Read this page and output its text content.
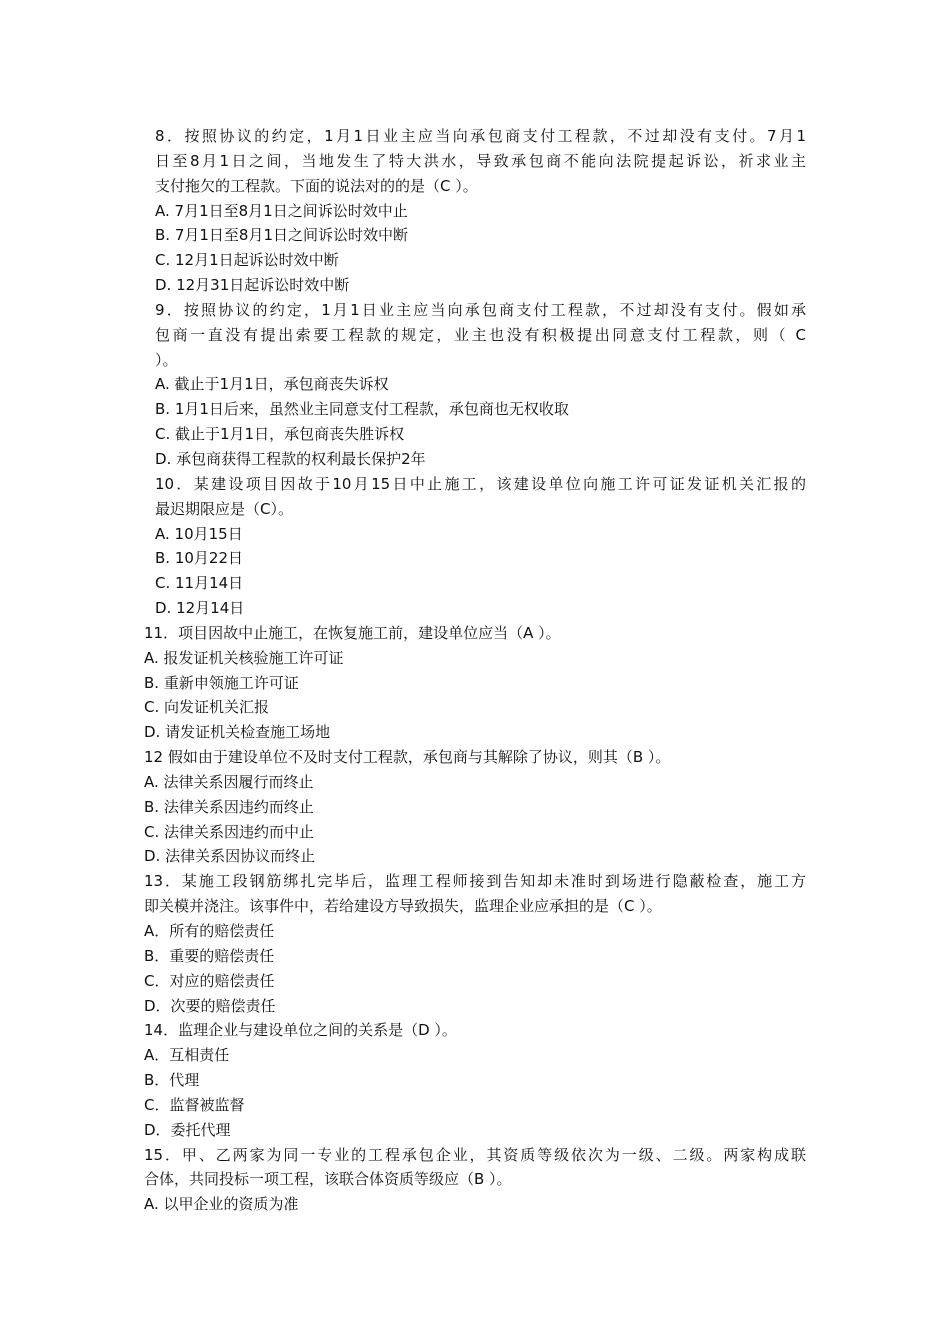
8．按照协议的约定，1月1日业主应当向承包商支付工程款，不过却没有支付。7月1
日至8月1日之间，当地发生了特大洪水，导致承包商不能向法院提起诉讼，祈求业主
支付拖欠的工程款。下面的说法对的的是（C ）。
A. 7月1日至8月1日之间诉讼时效中止
B. 7月1日至8月1日之间诉讼时效中断
C. 12月1日起诉讼时效中断
D. 12月31日起诉讼时效中断
9．按照协议的约定，1月1日业主应当向承包商支付工程款，不过却没有支付。假如承
包商一直没有提出索要工程款的规定，业主也没有积极提出同意支付工程款，则（ C
）。
A. 截止于1月1日，承包商丧失诉权
B. 1月1日后来，虽然业主同意支付工程款，承包商也无权收取
C. 截止于1月1日，承包商丧失胜诉权
D. 承包商获得工程款的权利最长保护2年
10．某建设项目因故于10月15日中止施工，该建设单位向施工许可证发证机关汇报的
最迟期限应是（C）。
A. 10月15日
B. 10月22日
C. 11月14日
D. 12月14日
11．项目因故中止施工，在恢复施工前，建设单位应当（A ）。
A. 报发证机关核验施工许可证
B. 重新申领施工许可证
C. 向发证机关汇报
D. 请发证机关检查施工场地
12 假如由于建设单位不及时支付工程款，承包商与其解除了协议，则其（B ）。
A. 法律关系因履行而终止
B. 法律关系因违约而终止
C. 法律关系因违约而中止
D. 法律关系因协议而终止
13．某施工段钢筋绑扎完毕后，监理工程师接到告知却未准时到场进行隐蔽检查，施工方
即关模并浇注。该事件中，若给建设方导致损失，监理企业应承担的是（C ）。
A．所有的赔偿责任
B．重要的赔偿责任
C．对应的赔偿责任
D．次要的赔偿责任
14．监理企业与建设单位之间的关系是（D ）。
A．互相责任
B．代理
C．监督被监督
D．委托代理
15．甲、乙两家为同一专业的工程承包企业，其资质等级依次为一级、二级。两家构成联
合体，共同投标一项工程，该联合体资质等级应（B ）。
A. 以甲企业的资质为准
